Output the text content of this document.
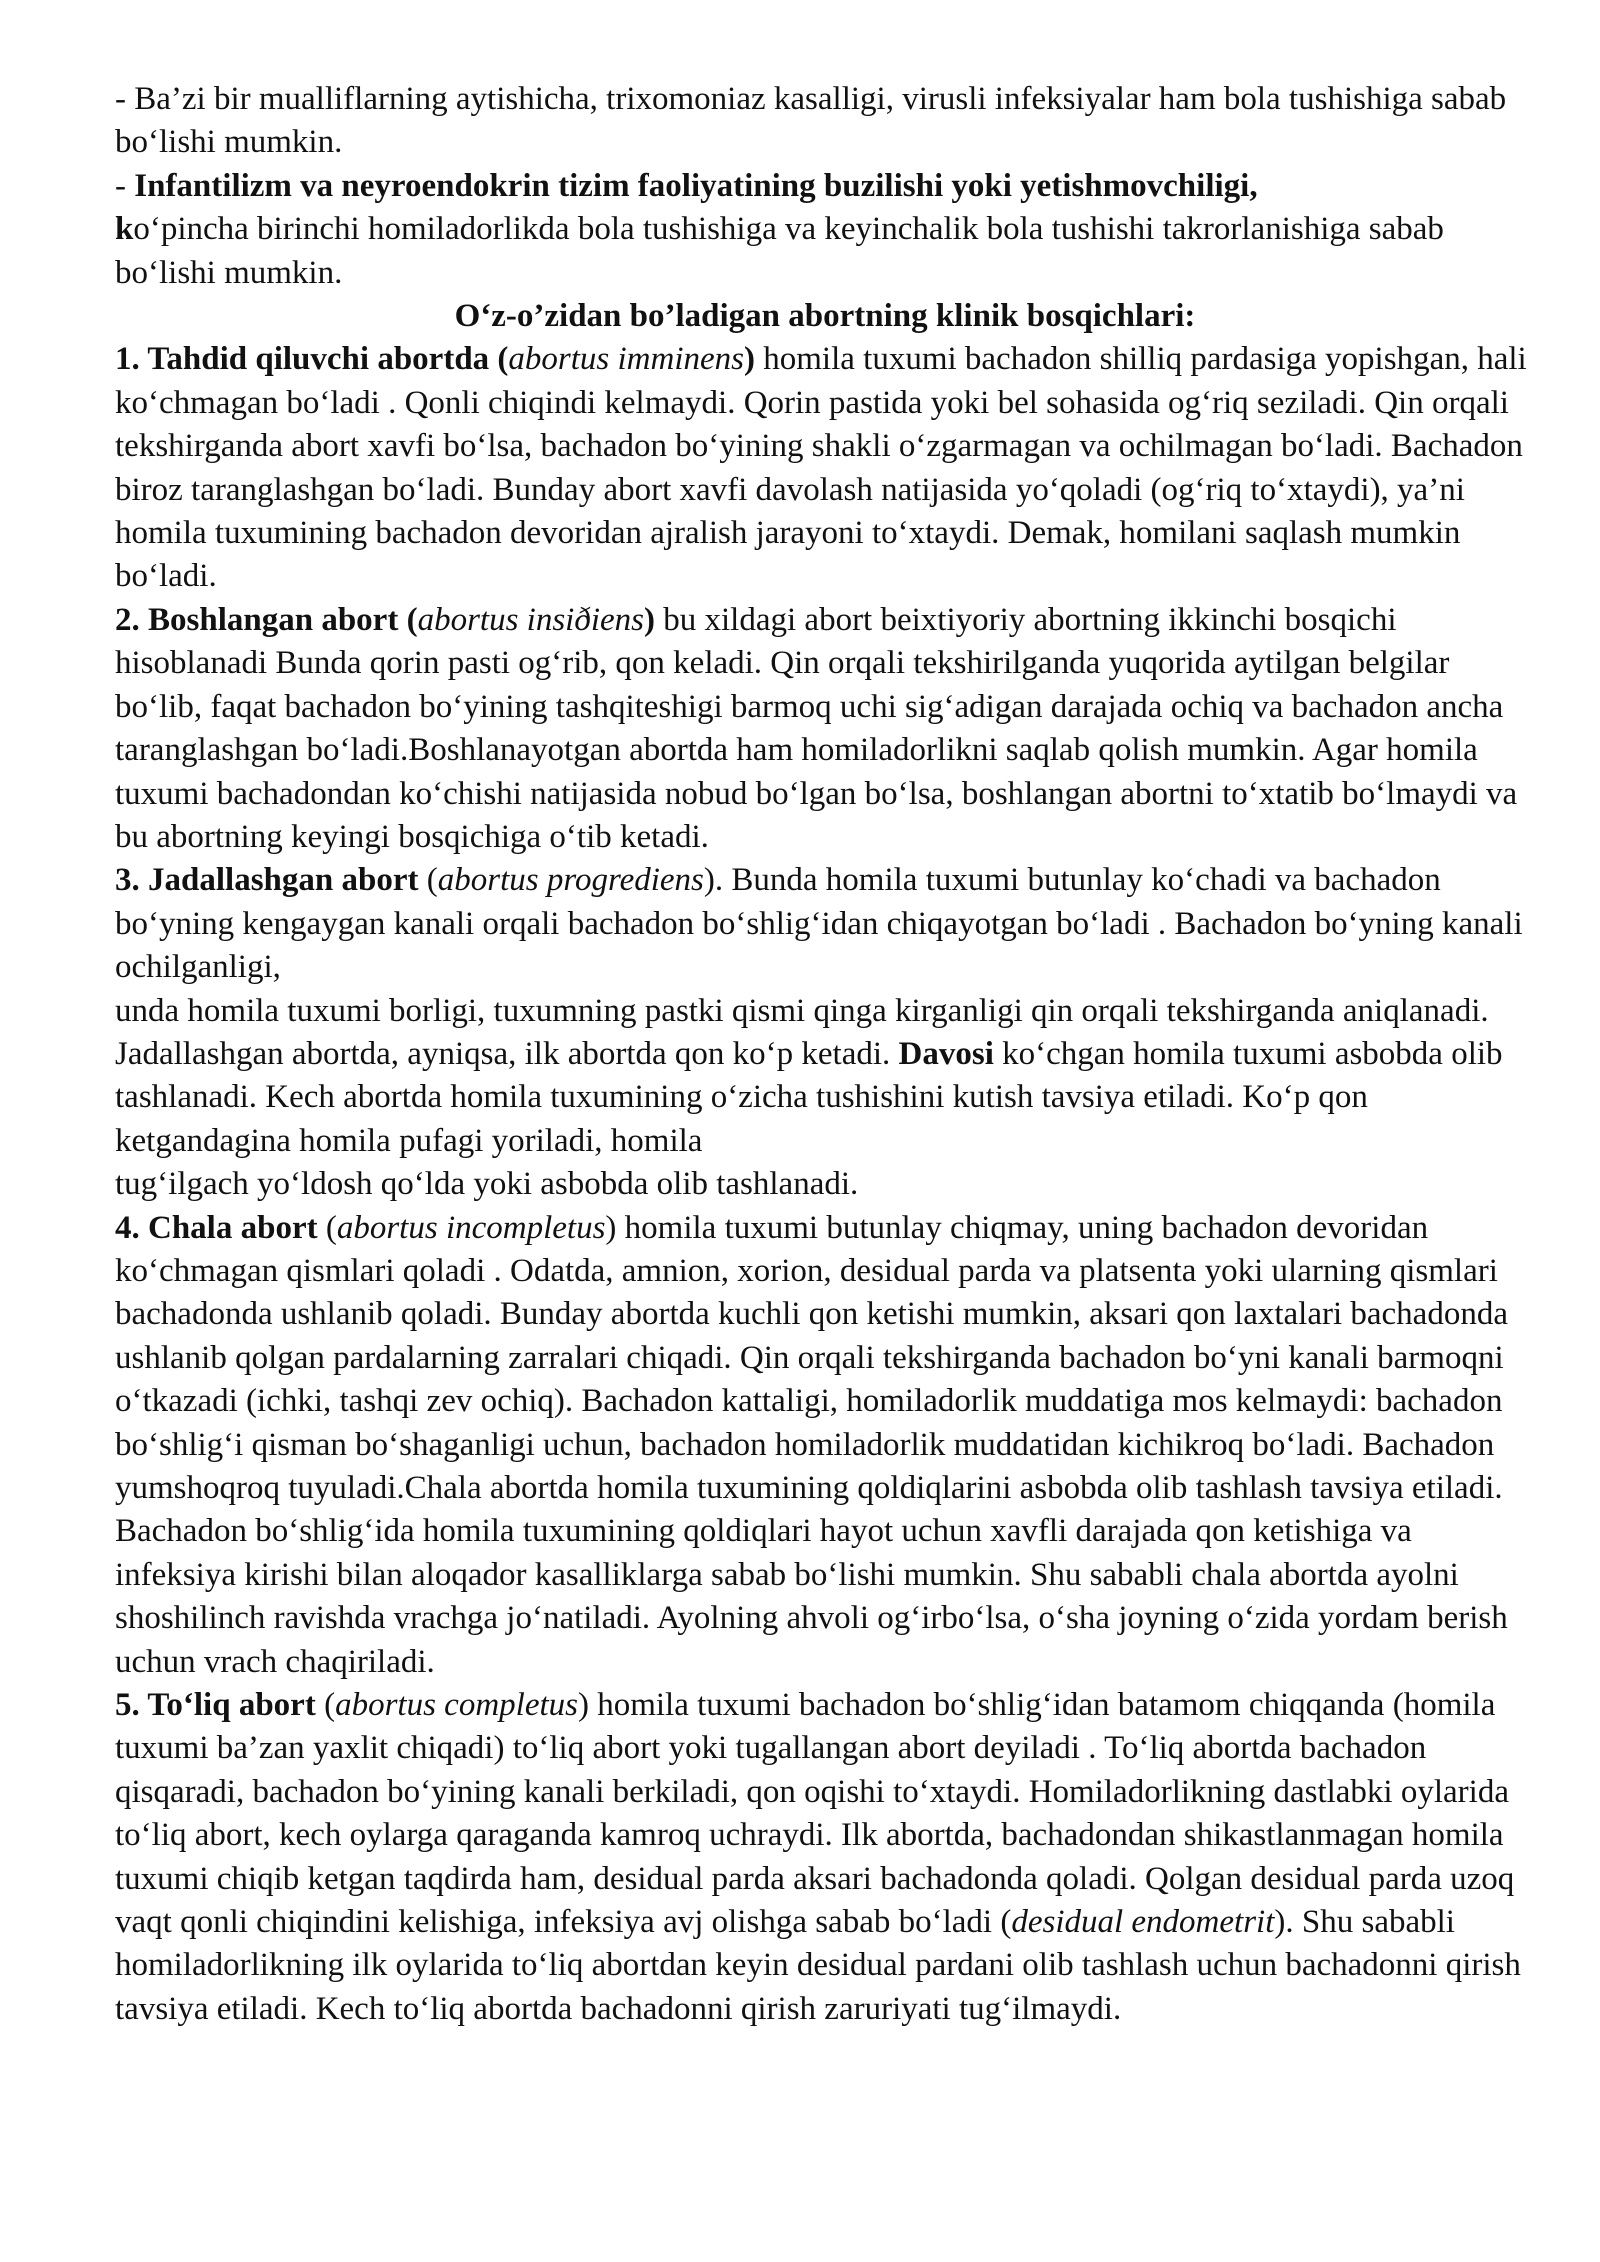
- Ba’zi bir mualliflarning aytishicha, trixomoniaz kasalligi, virusli infeksiyalar ham bola tushishiga sabab bo‘lishi mumkin.

- Infantilizm va neyroendokrin tizim faoliyatining buzilishi yoki yetishmovchiligi,
ko‘pincha birinchi homiladorlikda bola tushishiga va keyinchalik bola tushishi takrorlanishiga sabab bo‘lishi mumkin.

O‘z-o’zidan bo’ladigan abortning klinik bosqichlari:

1. Tahdid qiluvchi abortda (abortus imminens) homila tuxumi bachadon shilliq pardasiga yopishgan, hali ko‘chmagan bo‘ladi . Qonli chiqindi kelmaydi. Qorin pastida yoki bel sohasida og‘riq seziladi. Qin orqali tekshirganda abort xavfi bo‘lsa, bachadon bo‘yining shakli o‘zgarmagan va ochilmagan bo‘ladi. Bachadon biroz taranglashgan bo‘ladi. Bunday abort xavfi davolash natijasida yo‘qoladi (og‘riq to‘xtaydi), ya’ni homila tuxumining bachadon devoridan ajralish jarayoni to‘xtaydi. Demak, homilani saqlash mumkin bo‘ladi.

2. Boshlangan abort (abortus insiðiens) bu xildagi abort beixtiyoriy abortning ikkinchi bosqichi hisoblanadi Bunda qorin pasti og‘rib, qon keladi. Qin orqali tekshirilganda yuqorida aytilgan belgilar bo‘lib, faqat bachadon bo‘yining tashqiteshigi barmoq uchi sig‘adigan darajada ochiq va bachadon ancha taranglashgan bo‘ladi.Boshlanayotgan abortda ham homiladorlikni saqlab qolish mumkin. Agar homila tuxumi bachadondan ko‘chishi natijasida nobud bo‘lgan bo‘lsa, boshlangan abortni to‘xtatib bo‘lmaydi va bu abortning keyingi bosqichiga o‘tib ketadi.

3. Jadallashgan abort (abortus progrediens). Bunda homila tuxumi butunlay ko‘chadi va bachadon bo‘yning kengaygan kanali orqali bachadon bo‘shlig‘idan chiqayotgan bo‘ladi . Bachadon bo‘yning kanali ochilganligi,
unda homila tuxumi borligi, tuxumning pastki qismi qinga kirganligi qin orqali tekshirganda aniqlanadi. Jadallashgan abortda, ayniqsa, ilk abortda qon ko‘p ketadi. Davosi ko‘chgan homila tuxumi asbobda olib tashlanadi. Kech abortda homila tuxumining o‘zicha tushishini kutish tavsiya etiladi. Ko‘p qon ketgandagina homila pufagi yoriladi, homila
tug‘ilgach yo‘ldosh qo‘lda yoki asbobda olib tashlanadi.

4. Chala abort (abortus incompletus) homila tuxumi butunlay chiqmay, uning bachadon devoridan ko‘chmagan qismlari qoladi . Odatda, amnion, xorion, desidual parda va platsenta yoki ularning qismlari bachadonda ushlanib qoladi. Bunday abortda kuchli qon ketishi mumkin, aksari qon laxtalari bachadonda ushlanib qolgan pardalarning zarralari chiqadi. Qin orqali tekshirganda bachadon bo‘yni kanali barmoqni o‘tkazadi (ichki, tashqi zev ochiq). Bachadon kattaligi, homiladorlik muddatiga mos kelmaydi: bachadon bo‘shlig‘i qisman bo‘shaganligi uchun, bachadon homiladorlik muddatidan kichikroq bo‘ladi. Bachadon yumshoqroq tuyuladi.Chala abortda homila tuxumining qoldiqlarini asbobda olib tashlash tavsiya etiladi. Bachadon bo‘shlig‘ida homila tuxumining qoldiqlari hayot uchun xavfli darajada qon ketishiga va infeksiya kirishi bilan aloqador kasalliklarga sabab bo‘lishi mumkin. Shu sababli chala abortda ayolni shoshilinch ravishda vrachga jo‘natiladi. Ayolning ahvoli og‘irbo‘lsa, o‘sha joyning o‘zida yordam berish uchun vrach chaqiriladi.

5. To‘liq abort (abortus completus) homila tuxumi bachadon bo‘shlig‘idan batamom chiqqanda (homila tuxumi ba’zan yaxlit chiqadi) to‘liq abort yoki tugallangan abort deyiladi . To‘liq abortda bachadon qisqaradi, bachadon bo‘yining kanali berkiladi, qon oqishi to‘xtaydi. Homiladorlikning dastlabki oylarida to‘liq abort, kech oylarga qaraganda kamroq uchraydi. Ilk abortda, bachadondan shikastlanmagan homila tuxumi chiqib ketgan taqdirda ham, desidual parda aksari bachadonda qoladi. Qolgan desidual parda uzoq vaqt qonli chiqindini kelishiga, infeksiya avj olishga sabab bo‘ladi (desidual endometrit). Shu sababli homiladorlikning ilk oylarida to‘liq abortdan keyin desidual pardani olib tashlash uchun bachadonni qirish tavsiya etiladi. Kech to‘liq abortda bachadonni qirish zaruriyati tug‘ilmaydi.
